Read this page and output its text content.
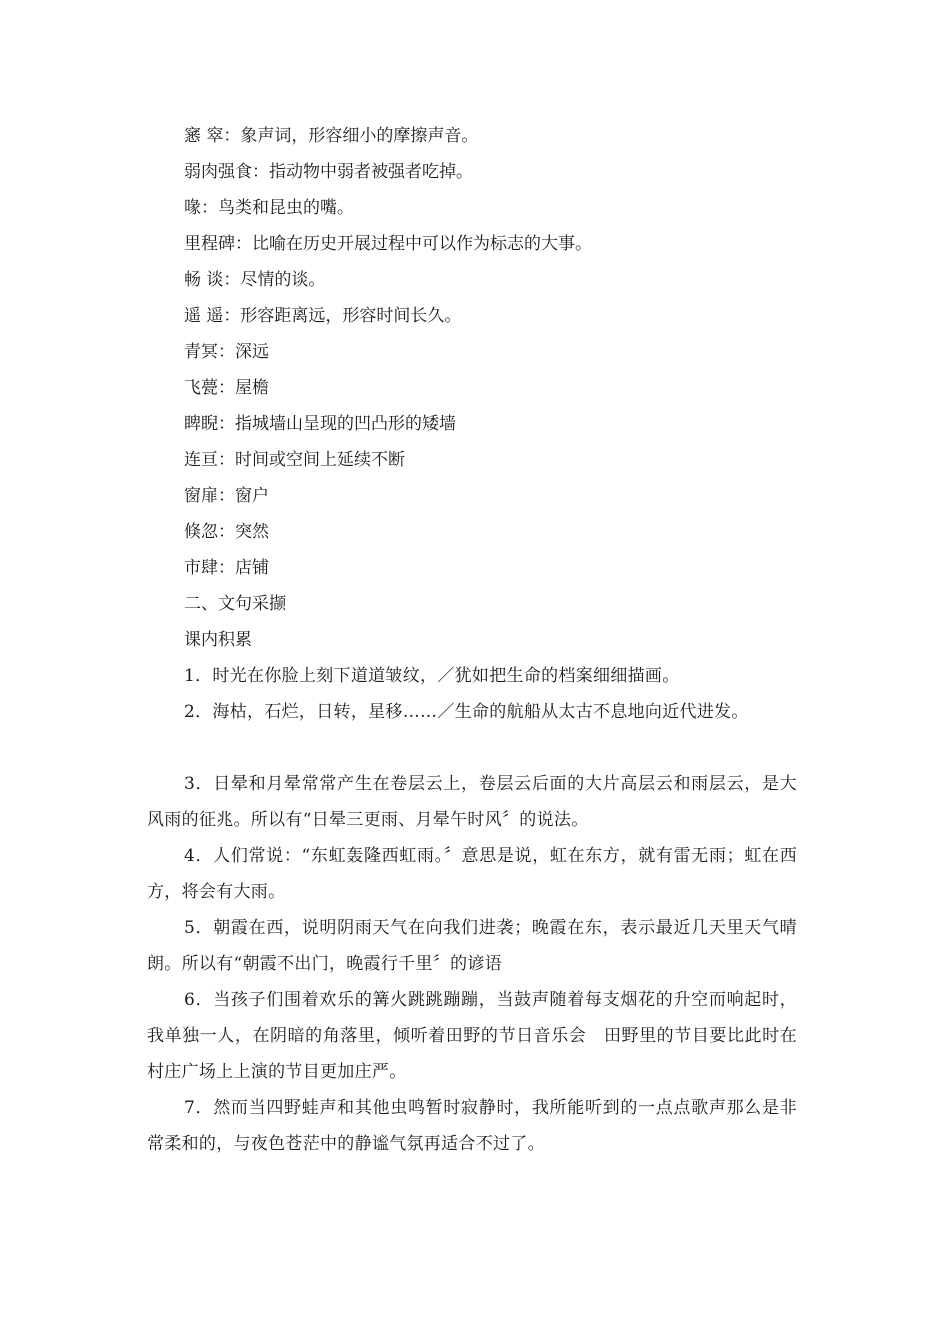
窸 窣：象声词，形容细小的摩擦声音。
弱肉强食：指动物中弱者被强者吃掉。
喙：鸟类和昆虫的嘴。
里程碑：比喻在历史开展过程中可以作为标志的大事。
畅 谈：尽情的谈。
遥 遥：形容距离远，形容时间长久。
青冥：深远
飞甍：屋檐
睥睨：指城墙山呈现的凹凸形的矮墙
连亘：时间或空间上延续不断
窗扉：窗户
倏忽：突然
市肆：店铺
二、文句采撷
课内积累
1．时光在你脸上刻下道道皱纹，／犹如把生命的档案细细描画。
2．海枯，石烂，日转，星移……／生命的航船从太古不息地向近代进发。
3．日晕和月晕常常产生在卷层云上，卷层云后面的大片高层云和雨层云，是大风雨的征兆。所以有“日晕三更雨、月晕午时风〞的说法。
4．人们常说：“东虹轰隆西虹雨。〞意思是说，虹在东方，就有雷无雨；虹在西方，将会有大雨。
5．朝霞在西，说明阴雨天气在向我们进袭；晚霞在东，表示最近几天里天气晴朗。所以有“朝霞不出门，晚霞行千里〞的谚语
6．当孩子们围着欢乐的篝火跳跳蹦蹦，当鼓声随着每支烟花的升空而响起时，我单独一人，在阴暗的角落里，倾听着田野的节日音乐会　田野里的节目要比此时在村庄广场上上演的节目更加庄严。
7．然而当四野蛙声和其他虫鸣暂时寂静时，我所能听到的一点点歌声那么是非常柔和的，与夜色苍茫中的静谧气氛再适合不过了。
